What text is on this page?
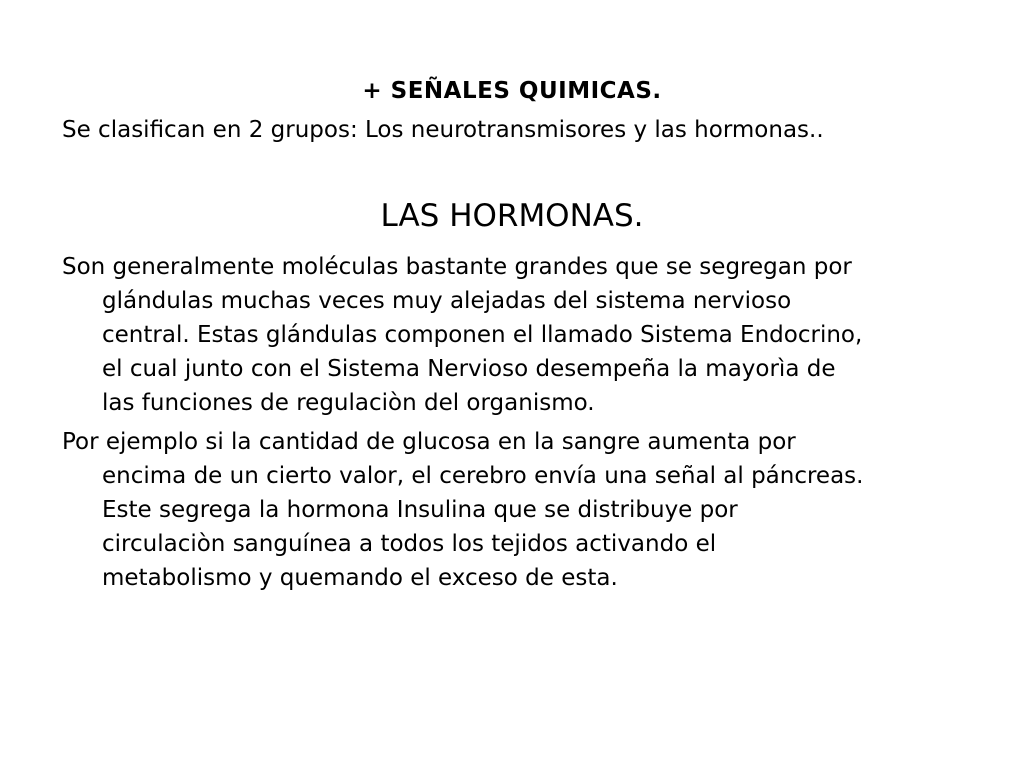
+ SEÑALES QUIMICAS.
Se clasifican en 2 grupos: Los neurotransmisores y las hormonas..
LAS HORMONAS.
Son generalmente moléculas bastante grandes que se segregan por
glándulas muchas veces muy alejadas del sistema nervioso
central. Estas glándulas componen el llamado Sistema Endocrino,
el cual junto con el Sistema Nervioso desempeña la mayorìa de
las funciones de regulaciòn del organismo.
Por ejemplo si la cantidad de glucosa en la sangre aumenta por
encima de un cierto valor, el cerebro envía una señal al páncreas.
Este segrega la hormona Insulina que se distribuye por
circulaciòn sanguínea a todos los tejidos activando el
metabolismo y quemando el exceso de esta.
